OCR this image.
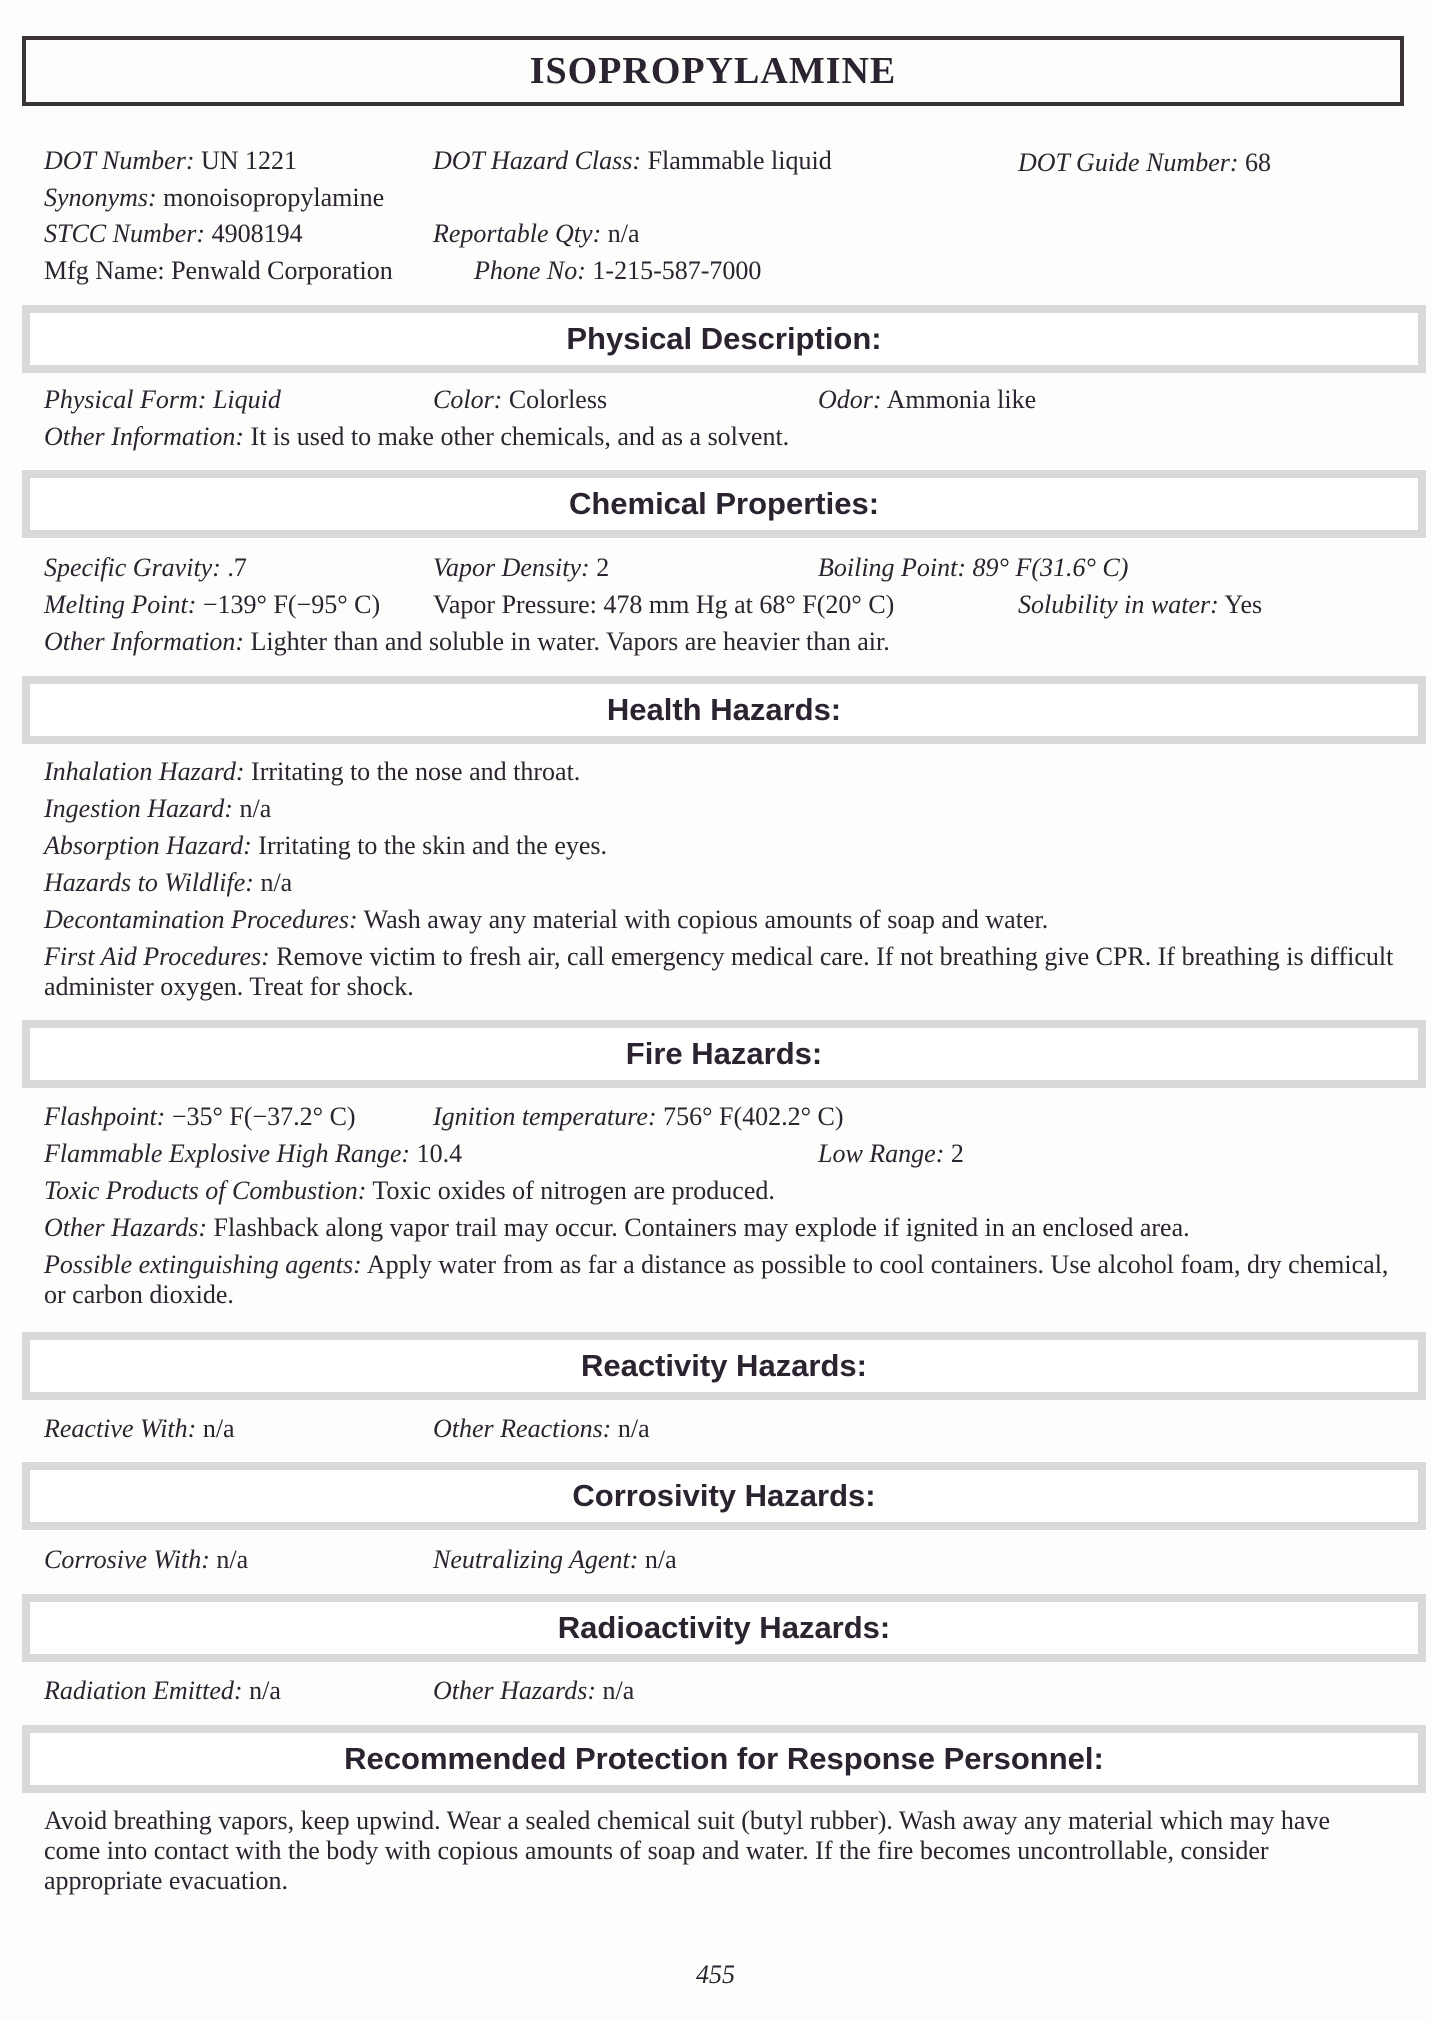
ISOPROPYLAMINE
DOT Number: UN 1221	DOT Hazard Class: Flammable liquid	DOT Guide Number: 68
Synonyms: monoisopropylamine
STCC Number: 4908194	Reportable Qty: n/a
Mfg Name: Penwald Corporation	Phone No: 1-215-587-7000
Physical Description:
Physical Form: Liquid	Color: Colorless	Odor: Ammonia like
Other Information: It is used to make other chemicals, and as a solvent.
Chemical Properties:
Specific Gravity: .7	Vapor Density: 2	Boiling Point: 89° F(31.6° C)
Melting Point: −139° F(−95° C) Vapor Pressure: 478 mm Hg at 68° F(20° C)	Solubility in water: Yes
Other Information: Lighter than and soluble in water. Vapors are heavier than air.
Health Hazards:
Inhalation Hazard: Irritating to the nose and throat.
Ingestion Hazard: n/a
Absorption Hazard: Irritating to the skin and the eyes.
Hazards to Wildlife: n/a
Decontamination Procedures: Wash away any material with copious amounts of soap and water.
First Aid Procedures: Remove victim to fresh air, call emergency medical care. If not breathing give CPR. If breathing is difficult administer oxygen. Treat for shock.
Fire Hazards:
Flashpoint: −35° F(−37.2° C)	Ignition temperature: 756° F(402.2° C)
Flammable Explosive High Range: 10.4	Low Range: 2
Toxic Products of Combustion: Toxic oxides of nitrogen are produced.
Other Hazards: Flashback along vapor trail may occur. Containers may explode if ignited in an enclosed area.
Possible extinguishing agents: Apply water from as far a distance as possible to cool containers. Use alcohol foam, dry chemical, or carbon dioxide.
Reactivity Hazards:
Reactive With: n/a	Other Reactions: n/a
Corrosivity Hazards:
Corrosive With: n/a	Neutralizing Agent: n/a
Radioactivity Hazards:
Radiation Emitted: n/a	Other Hazards: n/a
Recommended Protection for Response Personnel:
Avoid breathing vapors, keep upwind. Wear a sealed chemical suit (butyl rubber). Wash away any material which may have come into contact with the body with copious amounts of soap and water. If the fire becomes uncontrollable, consider appropriate evacuation.
455
